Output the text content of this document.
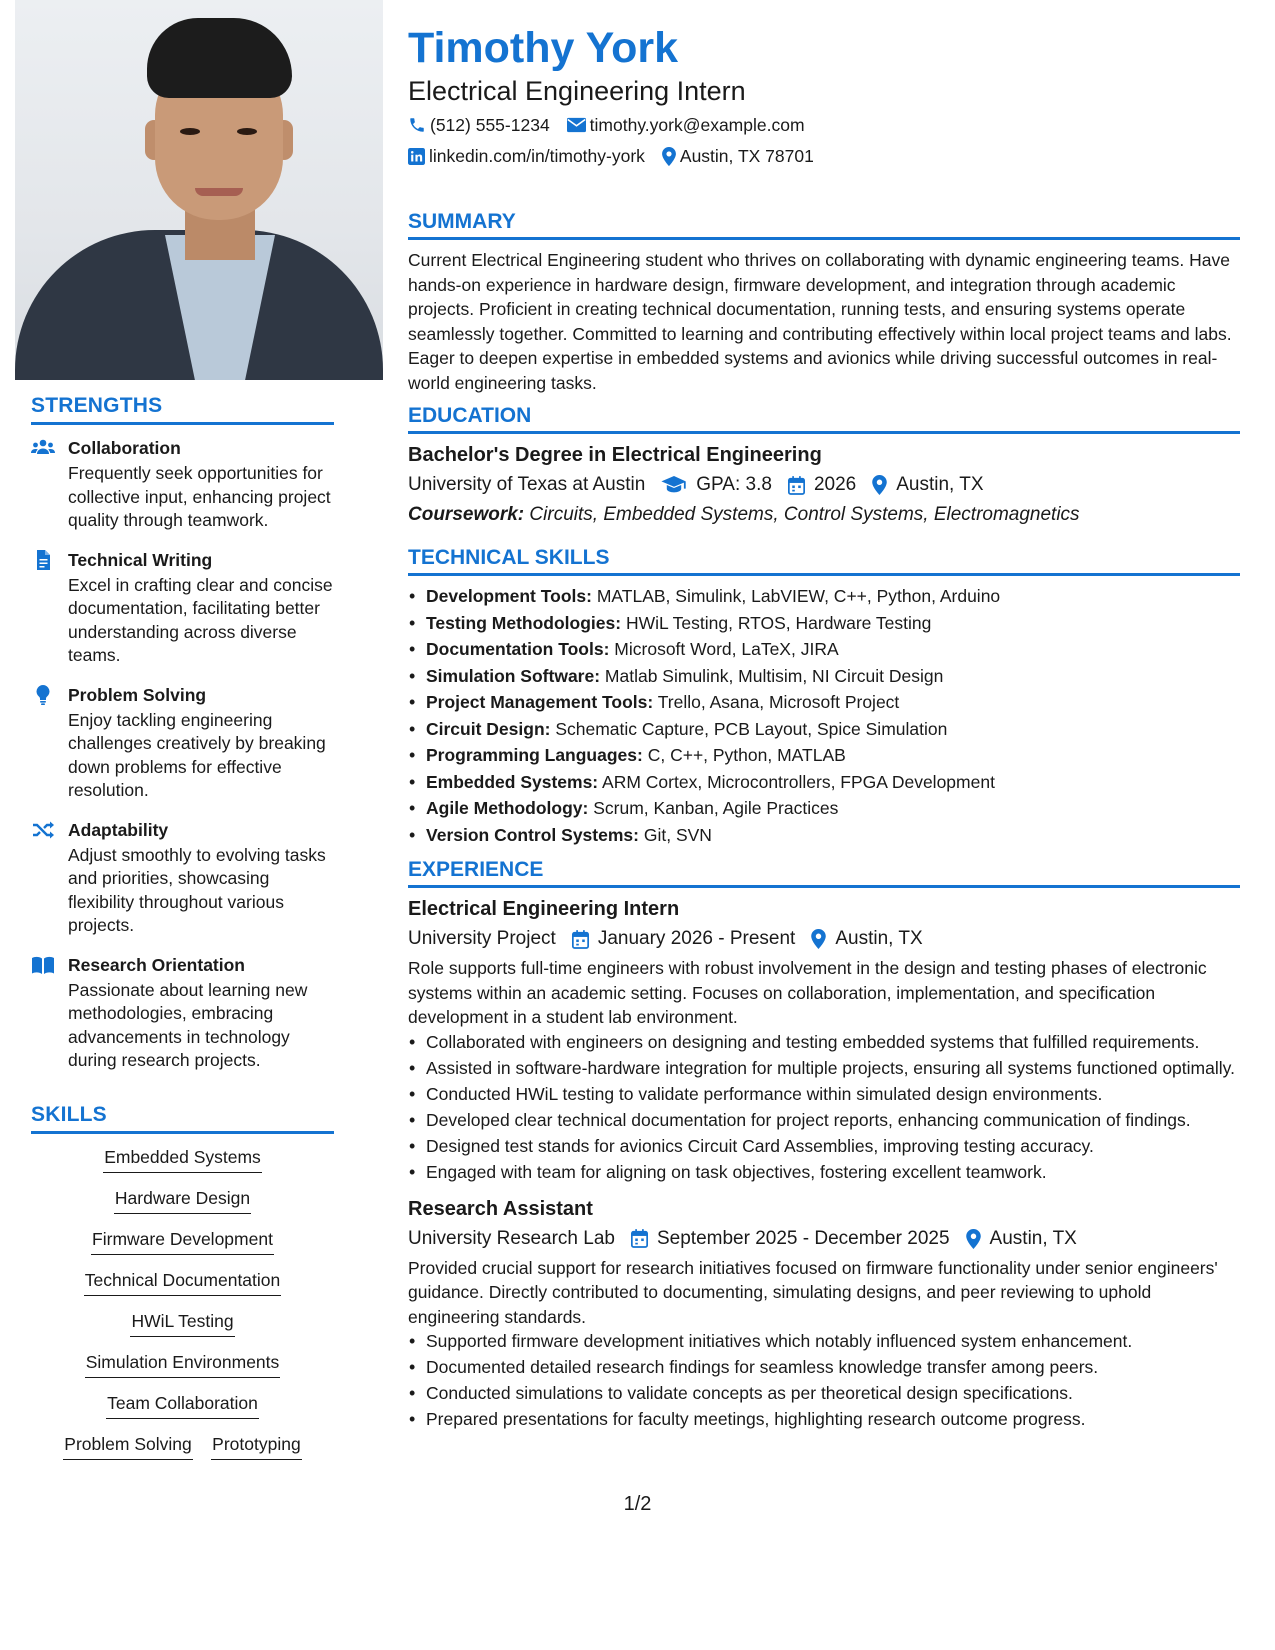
STRENGTHS
Collaboration
Frequently seek opportunities for collective input, enhancing project quality through teamwork.
Technical Writing
Excel in crafting clear and concise documentation, facilitating better understanding across diverse teams.
Problem Solving
Enjoy tackling engineering challenges creatively by breaking down problems for effective resolution.
Adaptability
Adjust smoothly to evolving tasks and priorities, showcasing flexibility throughout various projects.
Research Orientation
Passionate about learning new methodologies, embracing advancements in technology during research projects.
SKILLS
Embedded Systems
Hardware Design
Firmware Development
Technical Documentation
HWiL Testing
Simulation Environments
Team Collaboration
Problem Solving Prototyping
Timothy York
Electrical Engineering Intern
(512) 555-1234 timothy.york@example.com
linkedin.com/in/timothy-york Austin, TX 78701
SUMMARY

Current Electrical Engineering student who thrives on collaborating with dynamic engineering teams. Have hands-on experience in hardware design, firmware development, and integration through academic projects. Proficient in creating technical documentation, running tests, and ensuring systems operate seamlessly together. Committed to learning and contributing effectively within local project teams and labs. Eager to deepen expertise in embedded systems and avionics while driving successful outcomes in real-world engineering tasks.

EDUCATION
Bachelor's Degree in Electrical Engineering
University of Texas at Austin	GPA: 3.8 2026 Austin, TX
Coursework: Circuits, Embedded Systems, Control Systems, Electromagnetics
TECHNICAL SKILLS
• Development Tools: MATLAB, Simulink, LabVIEW, C++, Python, Arduino
• Testing Methodologies: HWiL Testing, RTOS, Hardware Testing
• Documentation Tools: Microsoft Word, LaTeX, JIRA
• Simulation Software: Matlab Simulink, Multisim, NI Circuit Design
• Project Management Tools: Trello, Asana, Microsoft Project
• Circuit Design: Schematic Capture, PCB Layout, Spice Simulation
• Programming Languages: C, C++, Python, MATLAB
• Embedded Systems: ARM Cortex, Microcontrollers, FPGA Development
• Agile Methodology: Scrum, Kanban, Agile Practices
• Version Control Systems: Git, SVN
EXPERIENCE
Electrical Engineering Intern
University Project January 2026 - Present Austin, TX

Role supports full-time engineers with robust involvement in the design and testing phases of electronic systems within an academic setting. Focuses on collaboration, implementation, and specification development in a student lab environment.

• Collaborated with engineers on designing and testing embedded systems that fulfilled requirements.
• Assisted in software-hardware integration for multiple projects, ensuring all systems functioned optimally.
• Conducted HWiL testing to validate performance within simulated design environments.
• Developed clear technical documentation for project reports, enhancing communication of findings.
• Designed test stands for avionics Circuit Card Assemblies, improving testing accuracy.
• Engaged with team for aligning on task objectives, fostering excellent teamwork.
Research Assistant
University Research Lab September 2025 - December 2025 Austin, TX

Provided crucial support for research initiatives focused on firmware functionality under senior engineers' guidance. Directly contributed to documenting, simulating designs, and peer reviewing to uphold engineering standards.

• Supported firmware development initiatives which notably influenced system enhancement.
• Documented detailed research findings for seamless knowledge transfer among peers.
• Conducted simulations to validate concepts as per theoretical design specifications.
• Prepared presentations for faculty meetings, highlighting research outcome progress.
1/2
